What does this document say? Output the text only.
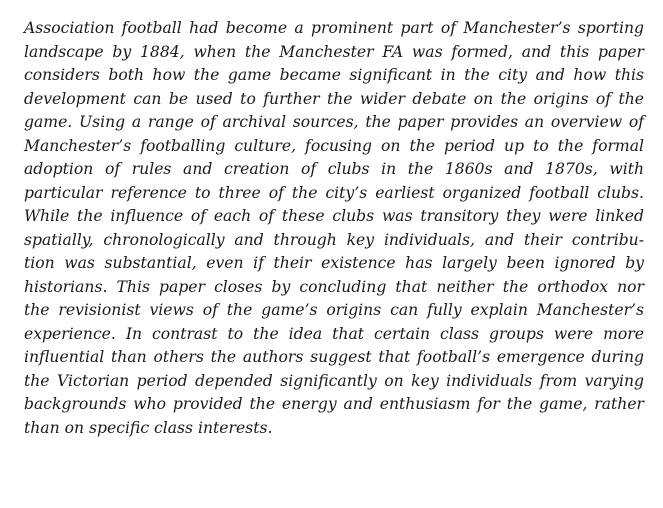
Association football had become a prominent part of Manchester’s sporting
landscape by 1884, when the Manchester FA was formed, and this paper
considers both how the game became significant in the city and how this
development can be used to further the wider debate on the origins of the
game. Using a range of archival sources, the paper provides an overview of
Manchester’s footballing culture, focusing on the period up to the formal
adoption of rules and creation of clubs in the 1860s and 1870s, with
particular reference to three of the city’s earliest organized football clubs.
While the influence of each of these clubs was transitory they were linked
spatially, chronologically and through key individuals, and their contribu-
tion was substantial, even if their existence has largely been ignored by
historians. This paper closes by concluding that neither the orthodox nor
the revisionist views of the game’s origins can fully explain Manchester’s
experience. In contrast to the idea that certain class groups were more
influential than others the authors suggest that football’s emergence during
the Victorian period depended significantly on key individuals from varying
backgrounds who provided the energy and enthusiasm for the game, rather
than on specific class interests.
